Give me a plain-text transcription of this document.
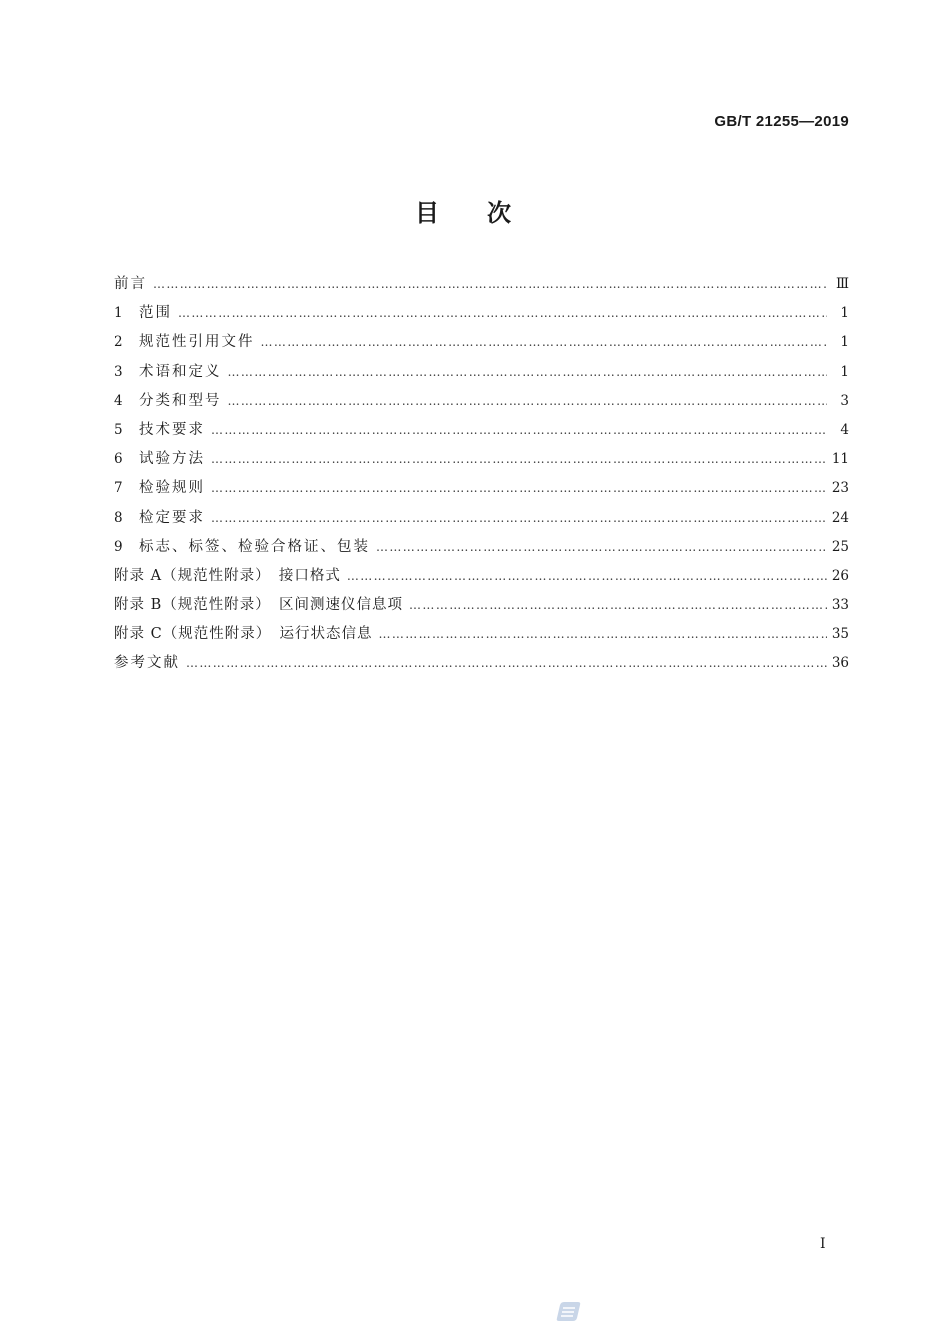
GB/T 21255—2019
目次
前言 ……………………………………………………………………………………………………………………………………………………………………………………	Ⅲ
1	范围 ……………………………………………………………………………………………………………………………………………………………………………………	1
2	规范性引用文件 ……………………………………………………………………………………………………………………………………………………………………………………	1
3	术语和定义 ……………………………………………………………………………………………………………………………………………………………………………………	1
4	分类和型号 ……………………………………………………………………………………………………………………………………………………………………………………	3
5	技术要求 ……………………………………………………………………………………………………………………………………………………………………………………	4
6	试验方法 ……………………………………………………………………………………………………………………………………………………………………………………	11
7	检验规则 ……………………………………………………………………………………………………………………………………………………………………………………	23
8	检定要求 ……………………………………………………………………………………………………………………………………………………………………………………	24
9	标志、标签、检验合格证、包装 ……………………………………………………………………………………………………………………………………………………………………………………	25
附录 A（规范性附录）　接口格式 ……………………………………………………………………………………………………………………………………………………………………………………	26
附录 B（规范性附录）　区间测速仪信息项 ……………………………………………………………………………………………………………………………………………………………………………………	33
附录 C（规范性附录）　运行状态信息 ……………………………………………………………………………………………………………………………………………………………………………………	35
参考文献 ……………………………………………………………………………………………………………………………………………………………………………………	36
I
